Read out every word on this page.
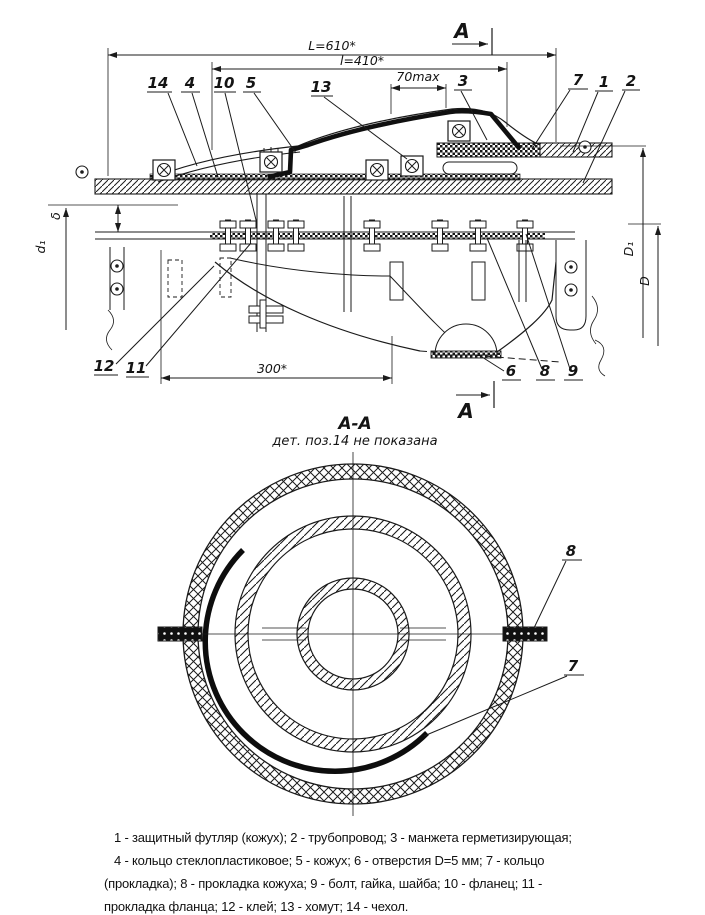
L=610*
l=410*
70max
A
A
14 4 10 5	13	3	7 1 2
12 11	6 8 9
300*
d₁
δ
D₁
D
А-А
дет. поз.14 не показана
8
7
1 - защитный футляр (кожух); 2 - трубопровод; 3 - манжета герметизирующая;
4 - кольцо стеклопластиковое; 5 - кожух; 6 - отверстия D=5 мм; 7 - кольцо
(прокладка); 8 - прокладка кожуха; 9 - болт, гайка, шайба; 10 - фланец; 11 -
прокладка фланца; 12 - клей; 13 - хомут; 14 - чехол.
